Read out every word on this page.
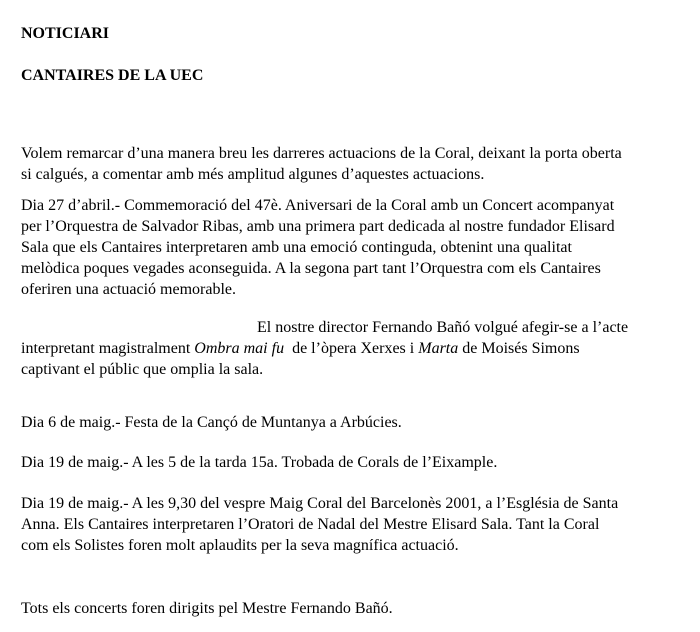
NOTICIARI
CANTAIRES DE LA UEC

Volem remarcar d’una manera breu les darreres actuacions de la Coral, deixant la porta oberta
si calgués, a comentar amb més amplitud algunes d’aquestes actuacions.

Dia 27 d’abril.- Commemoració del 47è. Aniversari de la Coral amb un Concert acompanyat
per l’Orquestra de Salvador Ribas, amb una primera part dedicada al nostre fundador Elisard
Sala que els Cantaires interpretaren amb una emoció continguda, obtenint una qualitat
melòdica poques vegades aconseguida. A la segona part tant l’Orquestra com els Cantaires
oferiren una actuació memorable.

El nostre director Fernando Bañó volgué afegir-se a l’acte
interpretant magistralment Ombra mai fu  de l’òpera Xerxes i Marta de Moisés Simons
captivant el públic que omplia la sala.

Dia 6 de maig.- Festa de la Cançó de Muntanya a Arbúcies.

Dia 19 de maig.- A les 5 de la tarda 15a. Trobada de Corals de l’Eixample.

Dia 19 de maig.- A les 9,30 del vespre Maig Coral del Barcelonès 2001, a l’Església de Santa
Anna. Els Cantaires interpretaren l’Oratori de Nadal del Mestre Elisard Sala. Tant la Coral
com els Solistes foren molt aplaudits per la seva magnífica actuació.

Tots els concerts foren dirigits pel Mestre Fernando Bañó.
